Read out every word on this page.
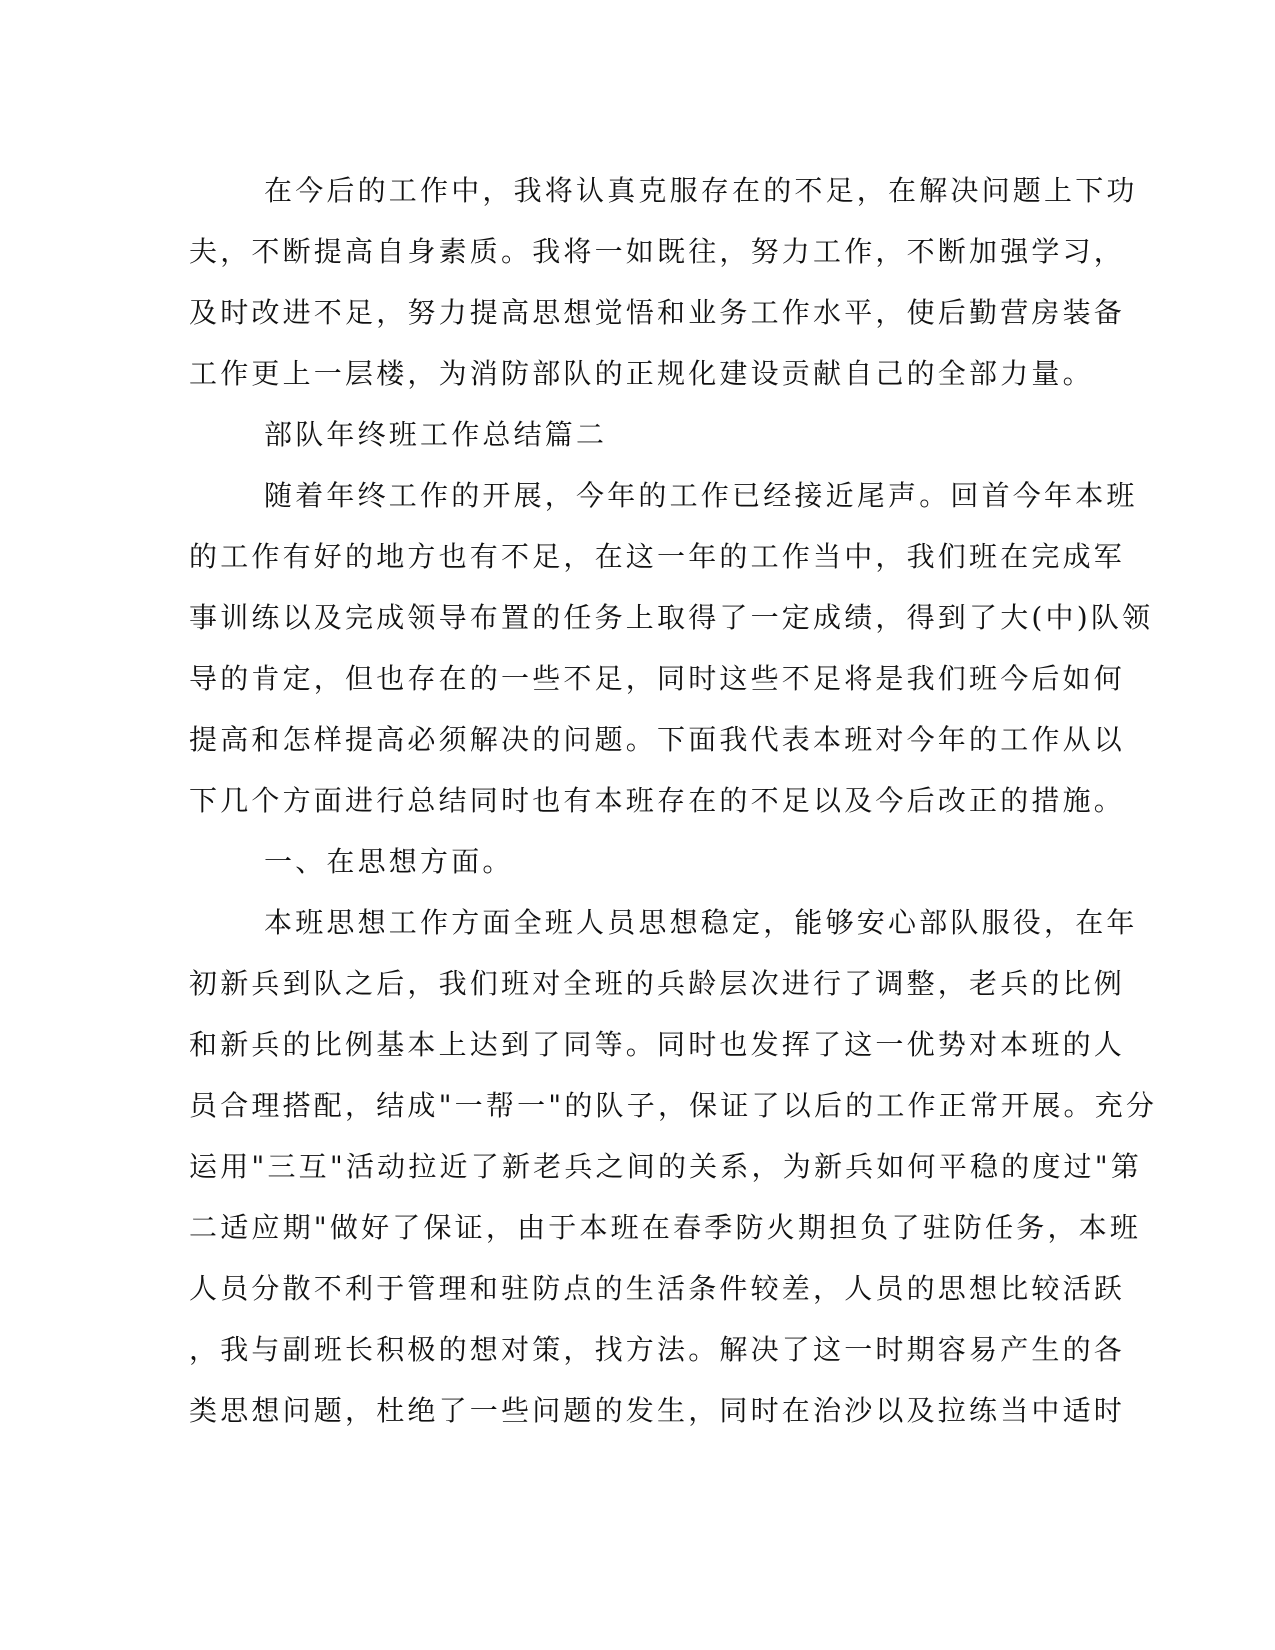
在今后的工作中，我将认真克服存在的不足，在解决问题上下功
夫，不断提高自身素质。我将一如既往，努力工作，不断加强学习，
及时改进不足，努力提高思想觉悟和业务工作水平，使后勤营房装备
工作更上一层楼，为消防部队的正规化建设贡献自己的全部力量。
部队年终班工作总结篇二
随着年终工作的开展，今年的工作已经接近尾声。回首今年本班
的工作有好的地方也有不足，在这一年的工作当中，我们班在完成军
事训练以及完成领导布置的任务上取得了一定成绩，得到了大(中)队领
导的肯定，但也存在的一些不足，同时这些不足将是我们班今后如何
提高和怎样提高必须解决的问题。下面我代表本班对今年的工作从以
下几个方面进行总结同时也有本班存在的不足以及今后改正的措施。
一、在思想方面。
本班思想工作方面全班人员思想稳定，能够安心部队服役，在年
初新兵到队之后，我们班对全班的兵龄层次进行了调整，老兵的比例
和新兵的比例基本上达到了同等。同时也发挥了这一优势对本班的人
员合理搭配，结成"一帮一"的队子，保证了以后的工作正常开展。充分
运用"三互"活动拉近了新老兵之间的关系，为新兵如何平稳的度过"第
二适应期"做好了保证，由于本班在春季防火期担负了驻防任务，本班
人员分散不利于管理和驻防点的生活条件较差，人员的思想比较活跃
，我与副班长积极的想对策，找方法。解决了这一时期容易产生的各
类思想问题，杜绝了一些问题的发生，同时在治沙以及拉练当中适时
